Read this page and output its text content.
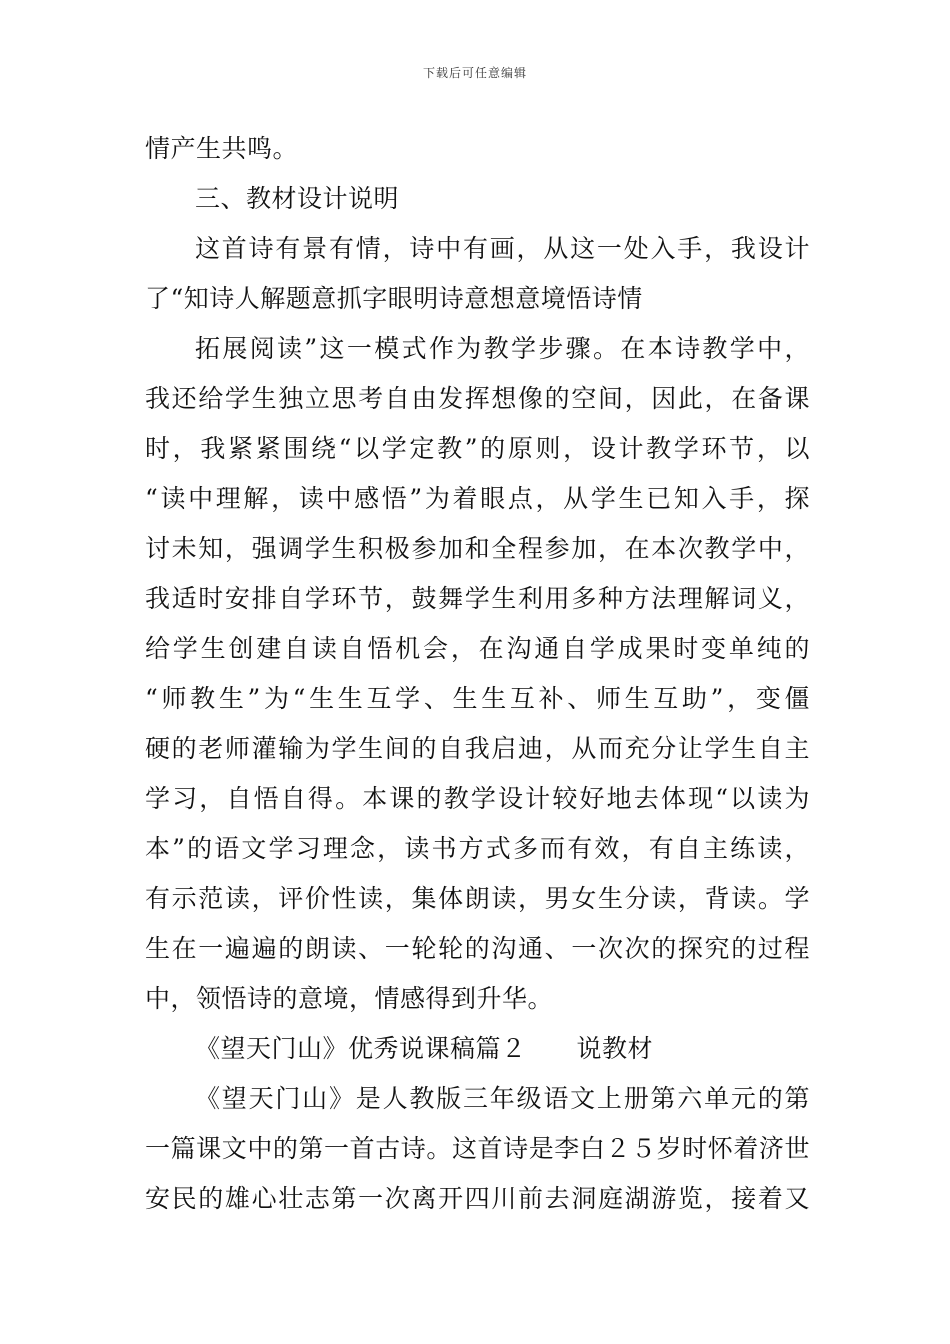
下载后可任意编辑
情产生共鸣。
三、教材设计说明
这首诗有景有情，诗中有画，从这一处入手，我设计
了“知诗人解题意抓字眼明诗意想意境悟诗情
拓展阅读”这一模式作为教学步骤。在本诗教学中，
我还给学生独立思考自由发挥想像的空间，因此，在备课
时，我紧紧围绕“以学定教”的原则，设计教学环节，以
“读中理解，读中感悟”为着眼点，从学生已知入手，探
讨未知，强调学生积极参加和全程参加，在本次教学中，
我适时安排自学环节，鼓舞学生利用多种方法理解词义，
给学生创建自读自悟机会，在沟通自学成果时变单纯的
“师教生”为“生生互学、生生互补、师生互助”，变僵
硬的老师灌输为学生间的自我启迪，从而充分让学生自主
学习，自悟自得。本课的教学设计较好地去体现“以读为
本”的语文学习理念，读书方式多而有效，有自主练读，
有示范读，评价性读，集体朗读，男女生分读，背读。学
生在一遍遍的朗读、一轮轮的沟通、一次次的探究的过程
中，领悟诗的意境，情感得到升华。
《望天门山》优秀说课稿篇２ 说教材
《望天门山》是人教版三年级语文上册第六单元的第
一篇课文中的第一首古诗。这首诗是李白２５岁时怀着济世
安民的雄心壮志第一次离开四川前去洞庭湖游览，接着又
